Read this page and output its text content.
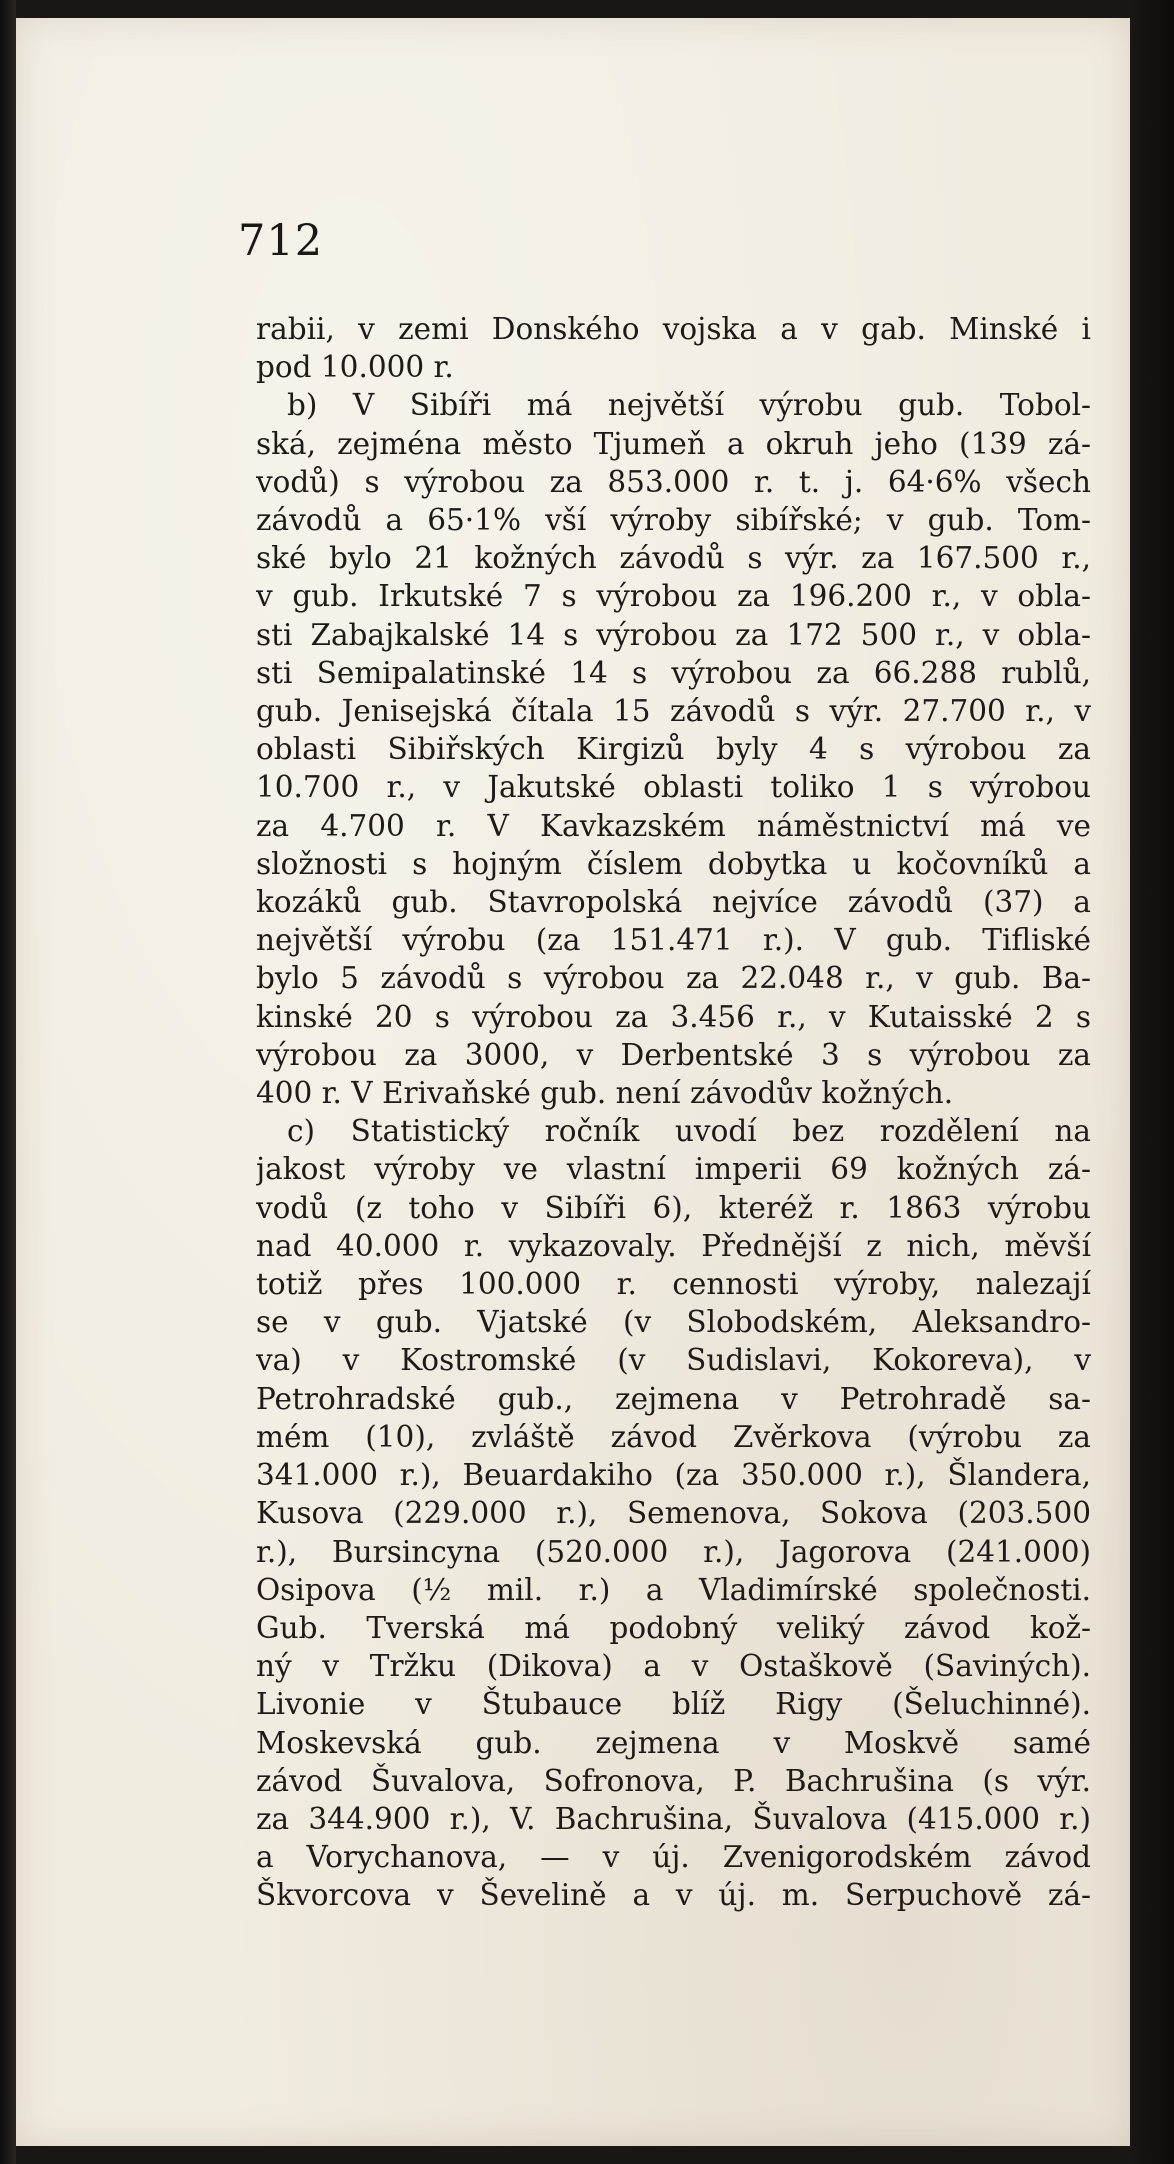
712
rabii, v zemi Donského vojska a v gab. Minské i
pod 10.000 r.
b) V Sibíři má největší výrobu gub. Tobol-
ská, zejména město Tjumeň a okruh jeho (139 zá-
vodů) s výrobou za 853.000 r. t. j. 64·6% všech
závodů a 65·1% vší výroby sibířské; v gub. Tom-
ské bylo 21 kožných závodů s výr. za 167.500 r.,
v gub. Irkutské 7 s výrobou za 196.200 r., v obla-
sti Zabajkalské 14 s výrobou za 172 500 r., v obla-
sti Semipalatinské 14 s výrobou za 66.288 rublů,
gub. Jenisejská čítala 15 závodů s výr. 27.700 r., v
oblasti Sibiřských Kirgizů byly 4 s výrobou za
10.700 r., v Jakutské oblasti toliko 1 s výrobou
za 4.700 r. V Kavkazském náměstnictví má ve
složnosti s hojným číslem dobytka u kočovníků a
kozáků gub. Stavropolská nejvíce závodů (37) a
největší výrobu (za 151.471 r.). V gub. Tifliské
bylo 5 závodů s výrobou za 22.048 r., v gub. Ba-
kinské 20 s výrobou za 3.456 r., v Kutaisské 2 s
výrobou za 3000, v Derbentské 3 s výrobou za
400 r. V Erivaňské gub. není závodův kožných.
c) Statistický ročník uvodí bez rozdělení na
jakost výroby ve vlastní imperii 69 kožných zá-
vodů (z toho v Sibíři 6), kteréž r. 1863 výrobu
nad 40.000 r. vykazovaly. Přednější z nich, měvší
totiž přes 100.000 r. cennosti výroby, nalezají
se v gub. Vjatské (v Slobodském, Aleksandro-
va) v Kostromské (v Sudislavi, Kokoreva), v
Petrohradské gub., zejmena v Petrohradě sa-
mém (10), zvláště závod Zvěrkova (výrobu za
341.000 r.), Beuardakiho (za 350.000 r.), Šlandera,
Kusova (229.000 r.), Semenova, Sokova (203.500
r.), Bursincyna (520.000 r.), Jagorova (241.000)
Osipova (½ mil. r.) a Vladimírské společnosti.
Gub. Tverská má podobný veliký závod kož-
ný v Tržku (Dikova) a v Ostaškově (Saviných).
Livonie v Štubauce blíž Rigy (Šeluchinné).
Moskevská gub. zejmena v Moskvě samé
závod Šuvalova, Sofronova, P. Bachrušina (s výr.
za 344.900 r.), V. Bachrušina, Šuvalova (415.000 r.)
a Vorychanova, — v új. Zvenigorodském závod
Škvorcova v Ševelině a v új. m. Serpuchově zá-
